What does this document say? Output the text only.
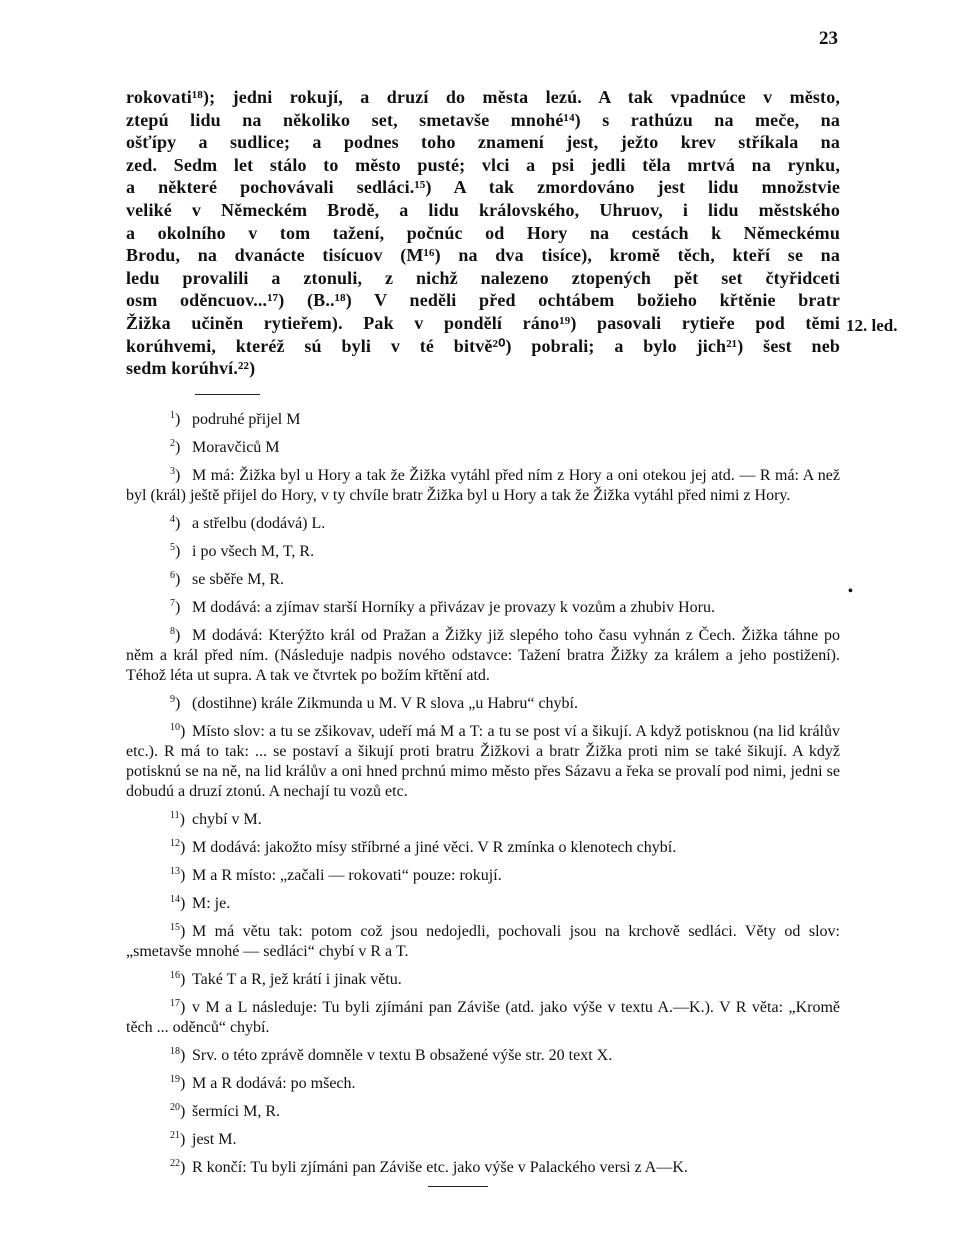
23
rokovati¹⁸); jedni rokují, a druzí do města lezú. A tak vpadnúce v město,
ztepú lidu na několiko set, smetavše mnohé¹⁴) s rathúzu na meče, na
ošťípy a sudlice; a podnes toho znamení jest, ježto krev stříkala na
zed. Sedm let stálo to město pusté; vlci a psi jedli těla mrtvá na rynku,
a některé pochovávali sedláci.¹⁵) A tak zmordováno jest lidu množstvie
veliké v Německém Brodě, a lidu královského, Uhruov, i lidu městského
a okolního v tom tažení, počnúc od Hory na cestách k Německému
Brodu, na dvanácte tisícuov (M¹⁶) na dva tisíce), kromě těch, kteří se na
ledu provalili a ztonuli, z nichž nalezeno ztopených pět set čtyřidceti
osm oděncuov...¹⁷) (B..¹⁸) V neděli před ochtábem božieho křtěnie bratr
Žižka učiněn rytieřem). Pak v pondělí ráno¹⁹) pasovali rytieře pod těmi
korúhvemi, kteréž sú byli v té bitvě²⁰) pobrali; a bylo jich²¹) šest neb
sedm korúhví.²²)
12. led.
•
$^1$ ) podruhé přijel M
$^2$ ) Moravčiců M
$^3$ ) M má: Žižka byl u Hory a tak že Žižka vytáhl před ním z Hory a oni otekou jej atd. — R má: A než byl (král) ještě přijel do Hory, v ty chvíle bratr Žižka byl u Hory a tak že Žižka vytáhl před nimi z Hory.
$^4$ ) a střelbu (dodává) L.
$^5$ ) i po všech M, T, R.
$^6$ ) se sběře M, R.
$^7$ ) M dodává: a zjímav starší Horníky a přivázav je provazy k vozům a zhubiv Horu.
$^8$ ) M dodává: Kterýžto král od Pražan a Žižky již slepého toho času vyhnán z Čech. Žižka táhne po něm a král před ním. (Následuje nadpis nového odstavce: Tažení bratra Žižky za králem a jeho postižení). Téhož léta ut supra. A tak ve čtvrtek po božím křtění atd.
$^9$ ) (dostihne) krále Zikmunda u M. V R slova „u Habru“ chybí.
$^{10}$ ) Místo slov: a tu se zšikovav, udeří má M a T: a tu se post ví a šikují. A když potisknou (na lid králův etc.). R má to tak: ... se postaví a šikují proti bratru Žižkovi a bratr Žižka proti nim se také šikují. A když potisknú se na ně, na lid králův a oni hned prchnú mimo město přes Sázavu a řeka se provalí pod nimi, jedni se dobudú a druzí ztonú. A nechají tu vozů etc.
$^{11}$ ) chybí v M.
$^{12}$ ) M dodává: jakožto mísy stříbrné a jiné věci. V R zmínka o klenotech chybí.
$^{13}$ ) M a R místo: „začali — rokovati“ pouze: rokují.
$^{14}$ ) M: je.
$^{15}$ ) M má větu tak: potom což jsou nedojedli, pochovali jsou na krchově sedláci. Věty od slov: „smetavše mnohé — sedláci“ chybí v R a T.
$^{16}$ ) Také T a R, jež krátí i jinak větu.
$^{17}$ ) v M a L následuje: Tu byli zjímáni pan Záviše (atd. jako výše v textu A.—K.). V R věta: „Kromě těch ... oděnců“ chybí.
$^{18}$ ) Srv. o této zprávě domněle v textu B obsažené výše str. 20 text X.
$^{19}$ ) M a R dodává: po mšech.
$^{20}$ ) šermíci M, R.
$^{21}$ ) jest M.
$^{22}$ ) R končí: Tu byli zjímáni pan Záviše etc. jako výše v Palackého versi z A—K.
